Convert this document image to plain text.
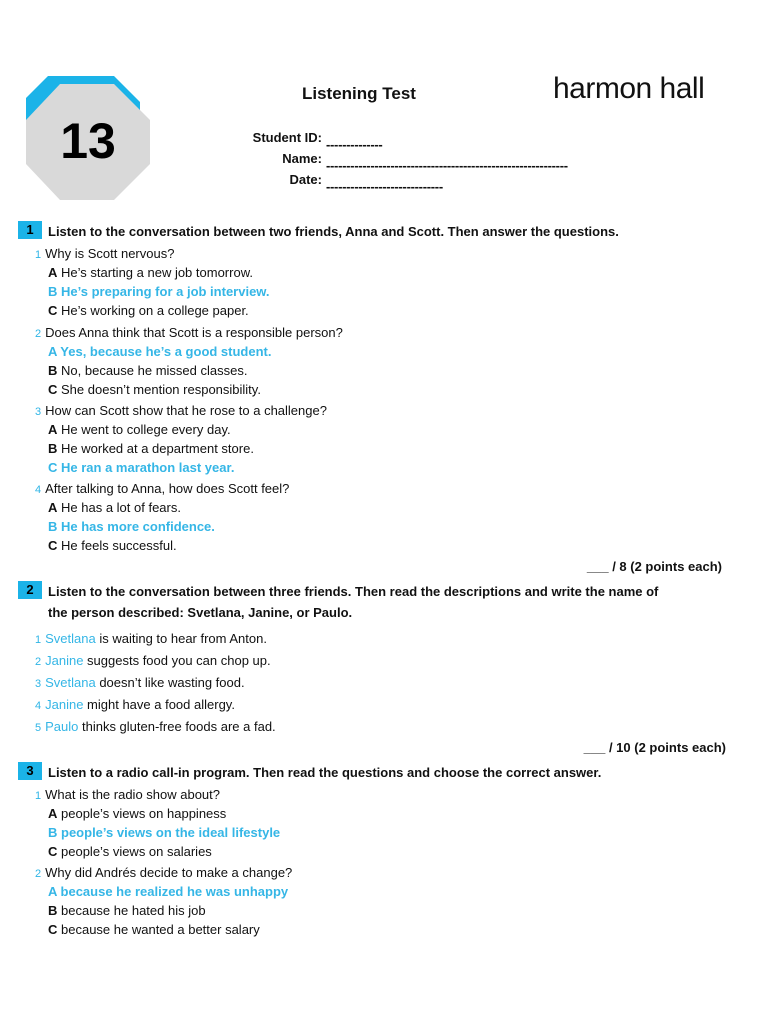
13
Listening Test	harmon hall
Student ID: --------------
Name: ------------------------------------------------------------
Date: -----------------------------
1	Listen to the conversation between two friends, Anna and Scott. Then answer the questions.
1 Why is Scott nervous?
A He’s starting a new job tomorrow.
B He’s preparing for a job interview.
C He’s working on a college paper.
2 Does Anna think that Scott is a responsible person?
A Yes, because he’s a good student.
B No, because he missed classes.
C She doesn’t mention responsibility.
3 How can Scott show that he rose to a challenge?
A He went to college every day.
B He worked at a department store.
C He ran a marathon last year.
4 After talking to Anna, how does Scott feel?
A He has a lot of fears.
B He has more confidence.
C He feels successful.
___ / 8 (2 points each)
2	Listen to the conversation between three friends. Then read the descriptions and write the name of
the person described: Svetlana, Janine, or Paulo.
1 Svetlana is waiting to hear from Anton.
2 Janine suggests food you can chop up.
3 Svetlana doesn’t like wasting food.
4 Janine might have a food allergy.
5 Paulo thinks gluten-free foods are a fad.
___ / 10 (2 points each)
3	Listen to a radio call-in program. Then read the questions and choose the correct answer.
1 What is the radio show about?
A people’s views on happiness
B people’s views on the ideal lifestyle
C people’s views on salaries
2 Why did Andrés decide to make a change?
A because he realized he was unhappy
B because he hated his job
C because he wanted a better salary
